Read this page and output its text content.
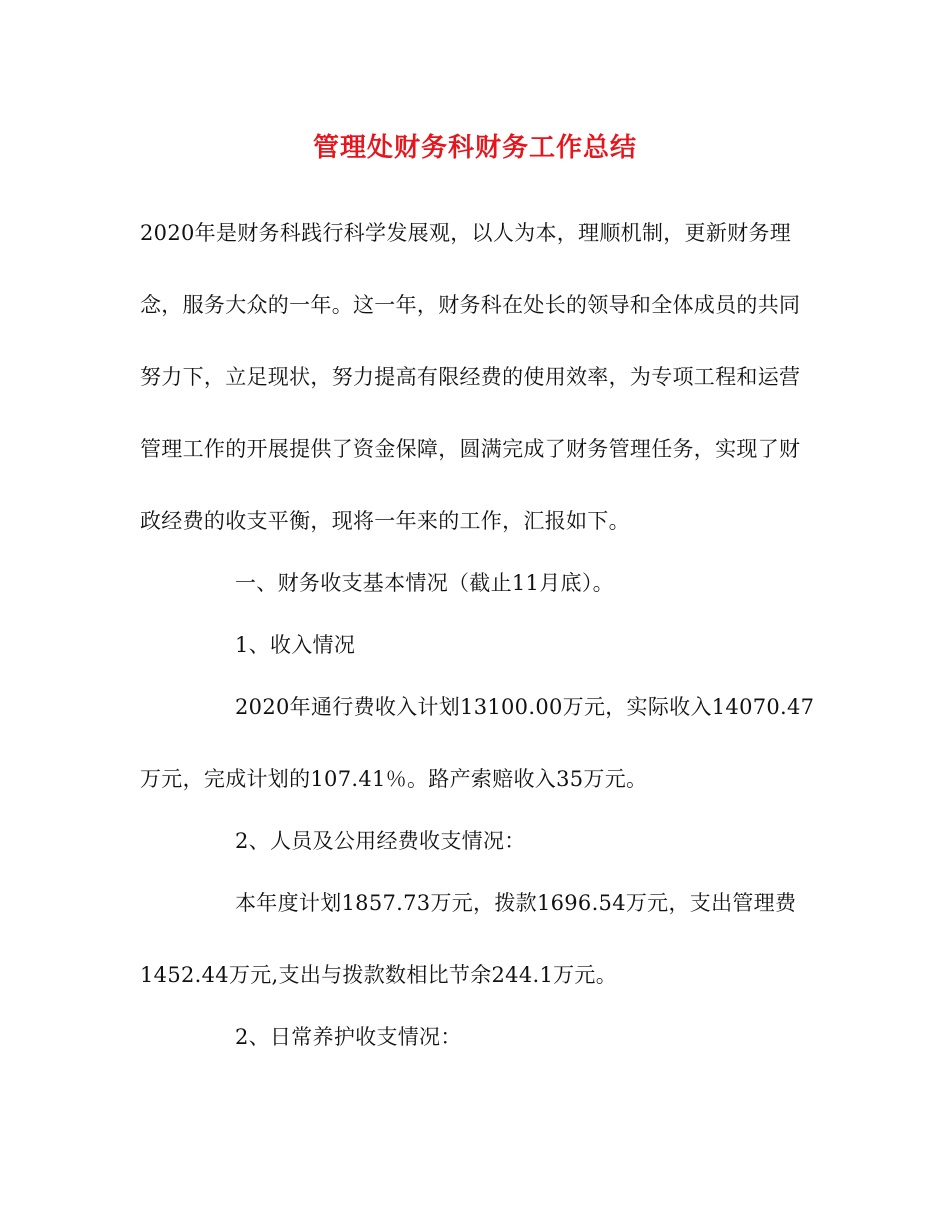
管理处财务科财务工作总结
2020年是财务科践行科学发展观，以人为本，理顺机制，更新财务理
念，服务大众的一年。这一年，财务科在处长的领导和全体成员的共同
努力下，立足现状，努力提高有限经费的使用效率，为专项工程和运营
管理工作的开展提供了资金保障，圆满完成了财务管理任务，实现了财
政经费的收支平衡，现将一年来的工作，汇报如下。
一、财务收支基本情况（截止11月底）。
1、收入情况
2020年通行费收入计划13100.00万元，实际收入14070.47
万元，完成计划的107.41％。路产索赔收入35万元。
2、人员及公用经费收支情况：
本年度计划1857.73万元，拨款1696.54万元，支出管理费
1452.44万元,支出与拨款数相比节余244.1万元。
2、日常养护收支情况：
